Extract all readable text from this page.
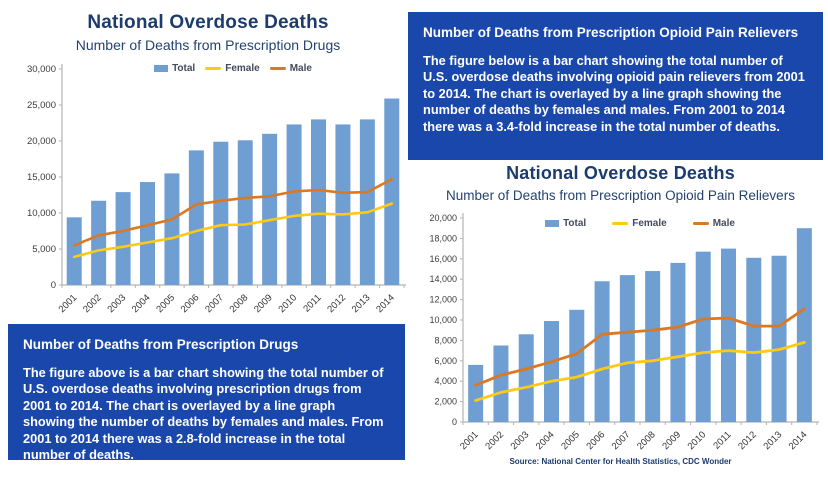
National Overdose Deaths
Number of Deaths from Prescription Drugs
Total	Female	Male
0
5,000
10,000
15,000
20,000
25,000
30,000
2001 2002 2003 2004 2005 2006 2007 2008 2009 2010 2011 2012 2013 2014
Number of Deaths from Prescription Opioid Pain Relievers

The figure below is a bar chart showing the total number of U.S. overdose deaths involving opioid pain relievers from 2001 to 2014. The chart is overlayed by a line graph showing the number of deaths by females and males. From 2001 to 2014 there was a 3.4-fold increase in the total number of deaths.

National Overdose Deaths
Number of Deaths from Prescription Opioid Pain Relievers
Total	Female	Male
0
2,000
4,000
6,000
8,000
10,000
12,000
14,000
16,000
18,000
20,000
2001 2002 2003 2004 2005 2006 2007 2008 2009 2010 2011 2012 2013 2014
Source: National Center for Health Statistics, CDC Wonder
Number of Deaths from Prescription Drugs

The figure above is a bar chart showing the total number of U.S. overdose deaths involving prescription drugs from 2001 to 2014. The chart is overlayed by a line graph showing the number of deaths by females and males. From 2001 to 2014 there was a 2.8-fold increase in the total number of deaths.
